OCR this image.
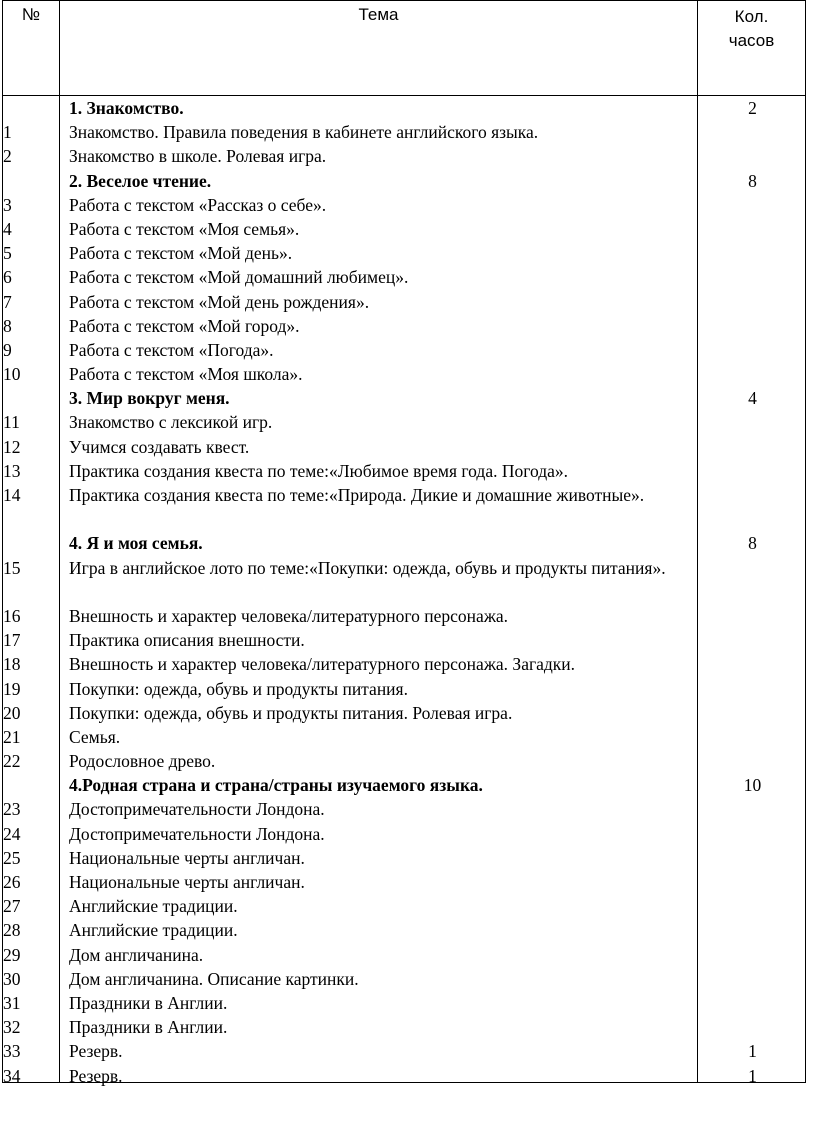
№	Тема	Кол.
часов
1
2
3
4
5
6
7
8
9
10
11
12
13
14
15
16
17
18
19
20
21
22
23
24
25
26
27
28
29
30
31
32
33
34
1. Знакомство.
Знакомство. Правила поведения в кабинете английского языка.
Знакомство в школе. Ролевая игра.
2. Веселое чтение.
Работа с текстом «Рассказ о себе».
Работа с текстом «Моя семья».
Работа с текстом «Мой день».
Работа с текстом «Мой домашний любимец».
Работа с текстом «Мой день рождения».
Работа с текстом «Мой город».
Работа с текстом «Погода».
Работа с текстом «Моя школа».
3. Мир вокруг меня.
Знакомство с лексикой игр.
Учимся создавать квест.
Практика создания квеста по теме:«Любимое время года. Погода».
Практика создания квеста по теме:«Природа. Дикие и домашние животные».
4. Я и моя семья.
Игра в английское лото по теме:«Покупки: одежда, обувь и продукты питания».
Внешность и характер человека/литературного персонажа.
Практика описания внешности.
Внешность и характер человека/литературного персонажа. Загадки.
Покупки: одежда, обувь и продукты питания.
Покупки: одежда, обувь и продукты питания. Ролевая игра.
Семья.
Родословное древо.
4.Родная страна и страна/страны изучаемого языка.
Достопримечательности Лондона.
Достопримечательности Лондона.
Национальные черты англичан.
Национальные черты англичан.
Английские традиции.
Английские традиции.
Дом англичанина.
Дом англичанина. Описание картинки.
Праздники в Англии.
Праздники в Англии.
Резерв.
Резерв.
2
8
4
8
10
1
1
